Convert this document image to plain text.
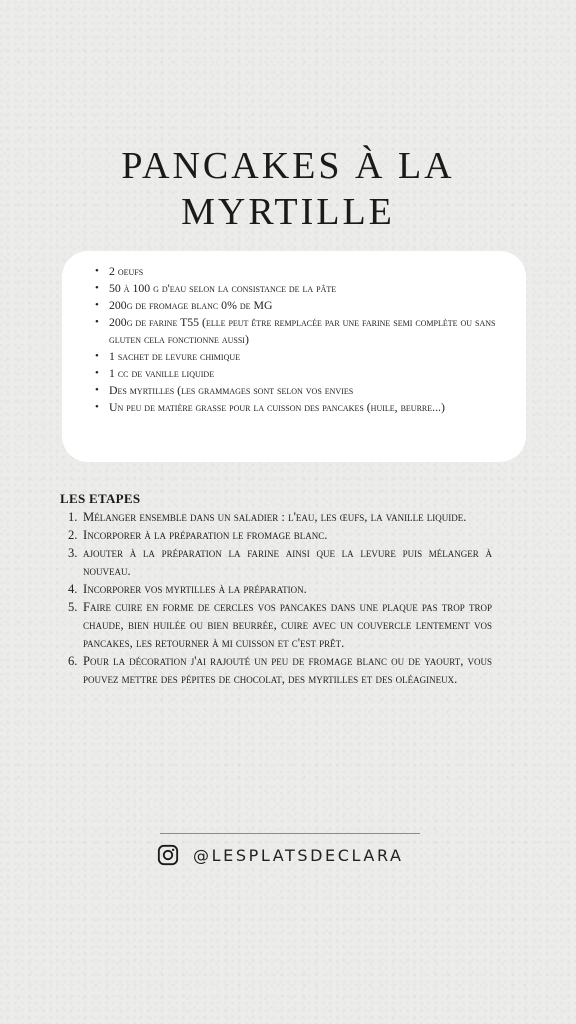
PANCAKES À LA
MYRTILLE
• 2 oeufs
• 50 à 100 g d'eau selon la consistance de la pâte
• 200g de fromage blanc 0% de MG
• 200g de farine T55 (elle peut être remplacée par une farine semi complète ou sans gluten cela fonctionne aussi)
• 1 sachet de levure chimique
• 1 cc de vanille liquide
• Des myrtilles (les grammages sont selon vos envies
• Un peu de matière grasse pour la cuisson des pancakes (huile, beurre...)
LES ETAPES
1. Mélanger ensemble dans un saladier : l'eau, les œufs, la vanille liquide.
2. Incorporer à la préparation le fromage blanc.
3. ajouter à la préparation la farine ainsi que la levure puis mélanger à nouveau.
4. Incorporer vos myrtilles à la préparation.
5. Faire cuire en forme de cercles vos pancakes dans une plaque pas trop trop chaude, bien huilée ou bien beurrée, cuire avec un couvercle lentement vos pancakes, les retourner à mi cuisson et c'est prêt.
6. Pour la décoration j'ai rajouté un peu de fromage blanc ou de yaourt, vous pouvez mettre des pépites de chocolat, des myrtilles et des oléagineux.
@LESPLATSDECLARA
